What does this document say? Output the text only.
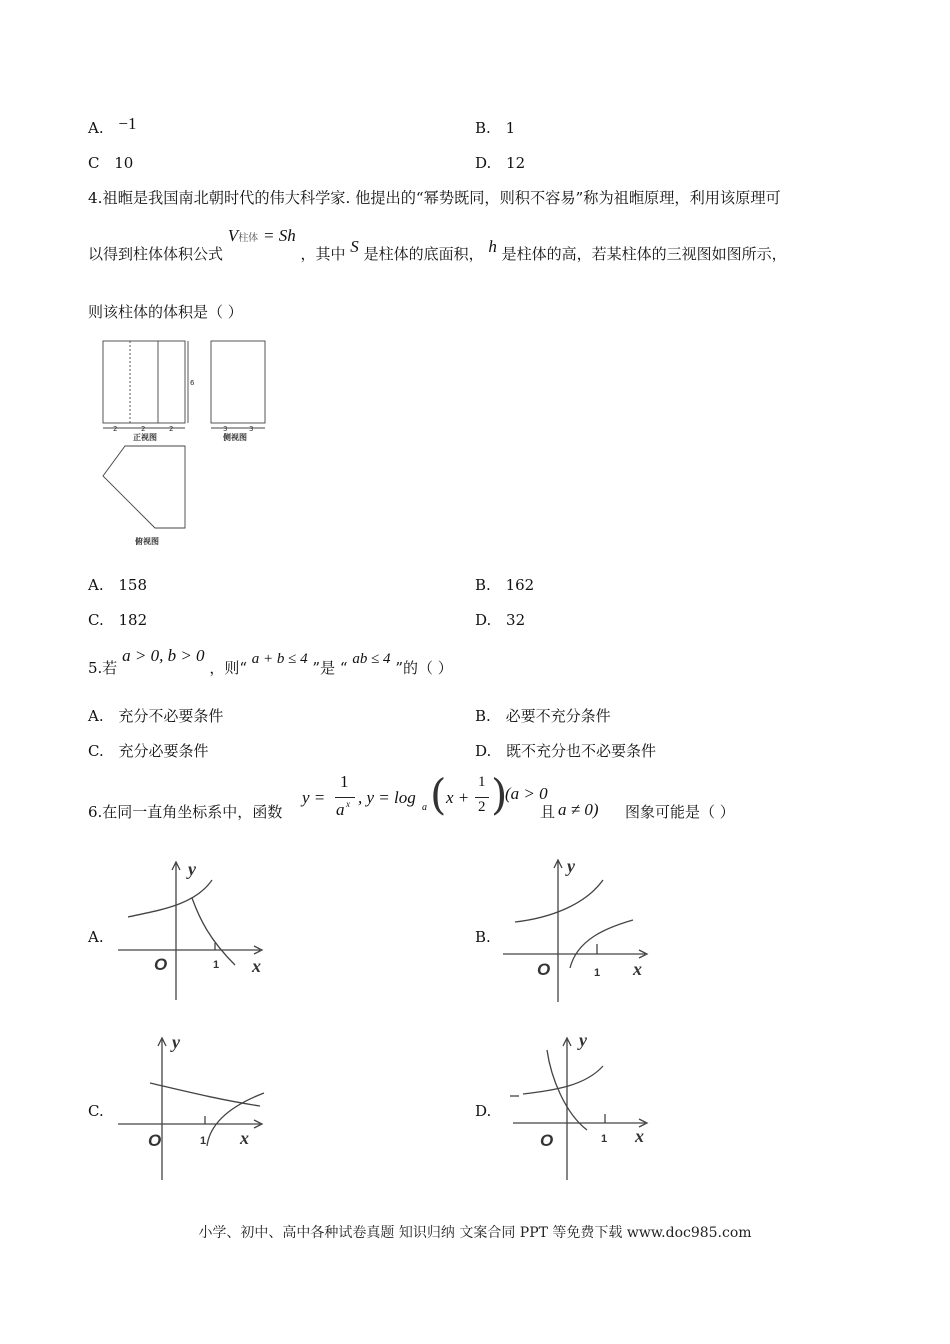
A. −1	B. 1
C 10	D. 12
4.祖暅是我国南北朝时代的伟大科学家. 他提出的“幂势既同，则积不容易”称为祖暅原理，利用该原理可
以得到柱体体积公式 V柱体 = Sh ，其中 S 是柱体的底面积， h 是柱体的高，若某柱体的三视图如图所示，
则该柱体的体积是（ ）
2	2	2
6
正视图
3	3
侧视图
俯视图
A. 158	B. 162
C. 182	D. 32
5.若 a > 0, b > 0 ，则“ a + b ≤ 4 ”是 “ ab ≤ 4 ”的（ ）
A. 充分不必要条件	B. 必要不充分条件
C. 充分必要条件	D. 既不充分也不必要条件
6.在同一直角坐标系中，函数
y =
1
a x , y = log
a ( x +
1
2 )
(a > 0
且 a ≠ 0) 图象可能是（ ）
A.	B.
C.	D.
y
x
O	1
y
x
O	1
y
x
O	1
y
x
O	1
小学、初中、高中各种试卷真题 知识归纳 文案合同 PPT 等免费下载 www.doc985.com
